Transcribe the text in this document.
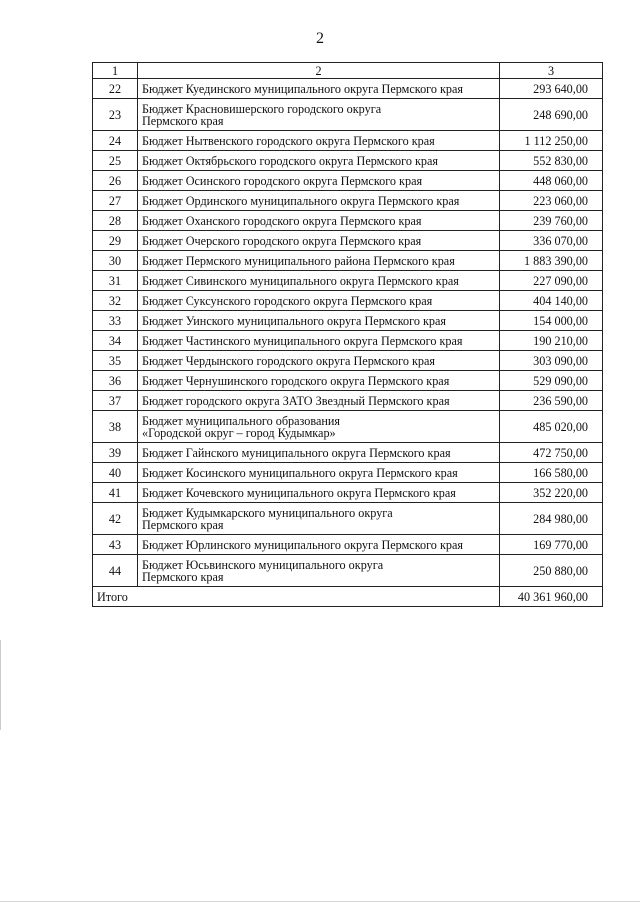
2
1	2	3
22	Бюджет Куединского муниципального округа Пермского края	293 640,00
23	Бюджет Красновишерского городского округа
Пермского края	248 690,00
24	Бюджет Нытвенского городского округа Пермского края	1 112 250,00
25	Бюджет Октябрьского городского округа Пермского края	552 830,00
26	Бюджет Осинского городского округа Пермского края	448 060,00
27	Бюджет Ординского муниципального округа Пермского края	223 060,00
28	Бюджет Оханского городского округа Пермского края	239 760,00
29	Бюджет Очерского городского округа Пермского края	336 070,00
30	Бюджет Пермского муниципального района Пермского края	1 883 390,00
31	Бюджет Сивинского муниципального округа Пермского края	227 090,00
32	Бюджет Суксунского городского округа Пермского края	404 140,00
33	Бюджет Уинского муниципального округа Пермского края	154 000,00
34	Бюджет Частинского муниципального округа Пермского края	190 210,00
35	Бюджет Чердынского городского округа Пермского края	303 090,00
36	Бюджет Чернушинского городского округа Пермского края	529 090,00
37	Бюджет городского округа ЗАТО Звездный Пермского края	236 590,00
38	Бюджет муниципального образования
«Городской округ – город Кудымкар»	485 020,00
39	Бюджет Гайнского муниципального округа Пермского края	472 750,00
40	Бюджет Косинского муниципального округа Пермского края	166 580,00
41	Бюджет Кочевского муниципального округа Пермского края	352 220,00
42	Бюджет Кудымкарского муниципального округа
Пермского края	284 980,00
43	Бюджет Юрлинского муниципального округа Пермского края	169 770,00
44	Бюджет Юсьвинского муниципального округа
Пермского края	250 880,00
Итого		40 361 960,00
